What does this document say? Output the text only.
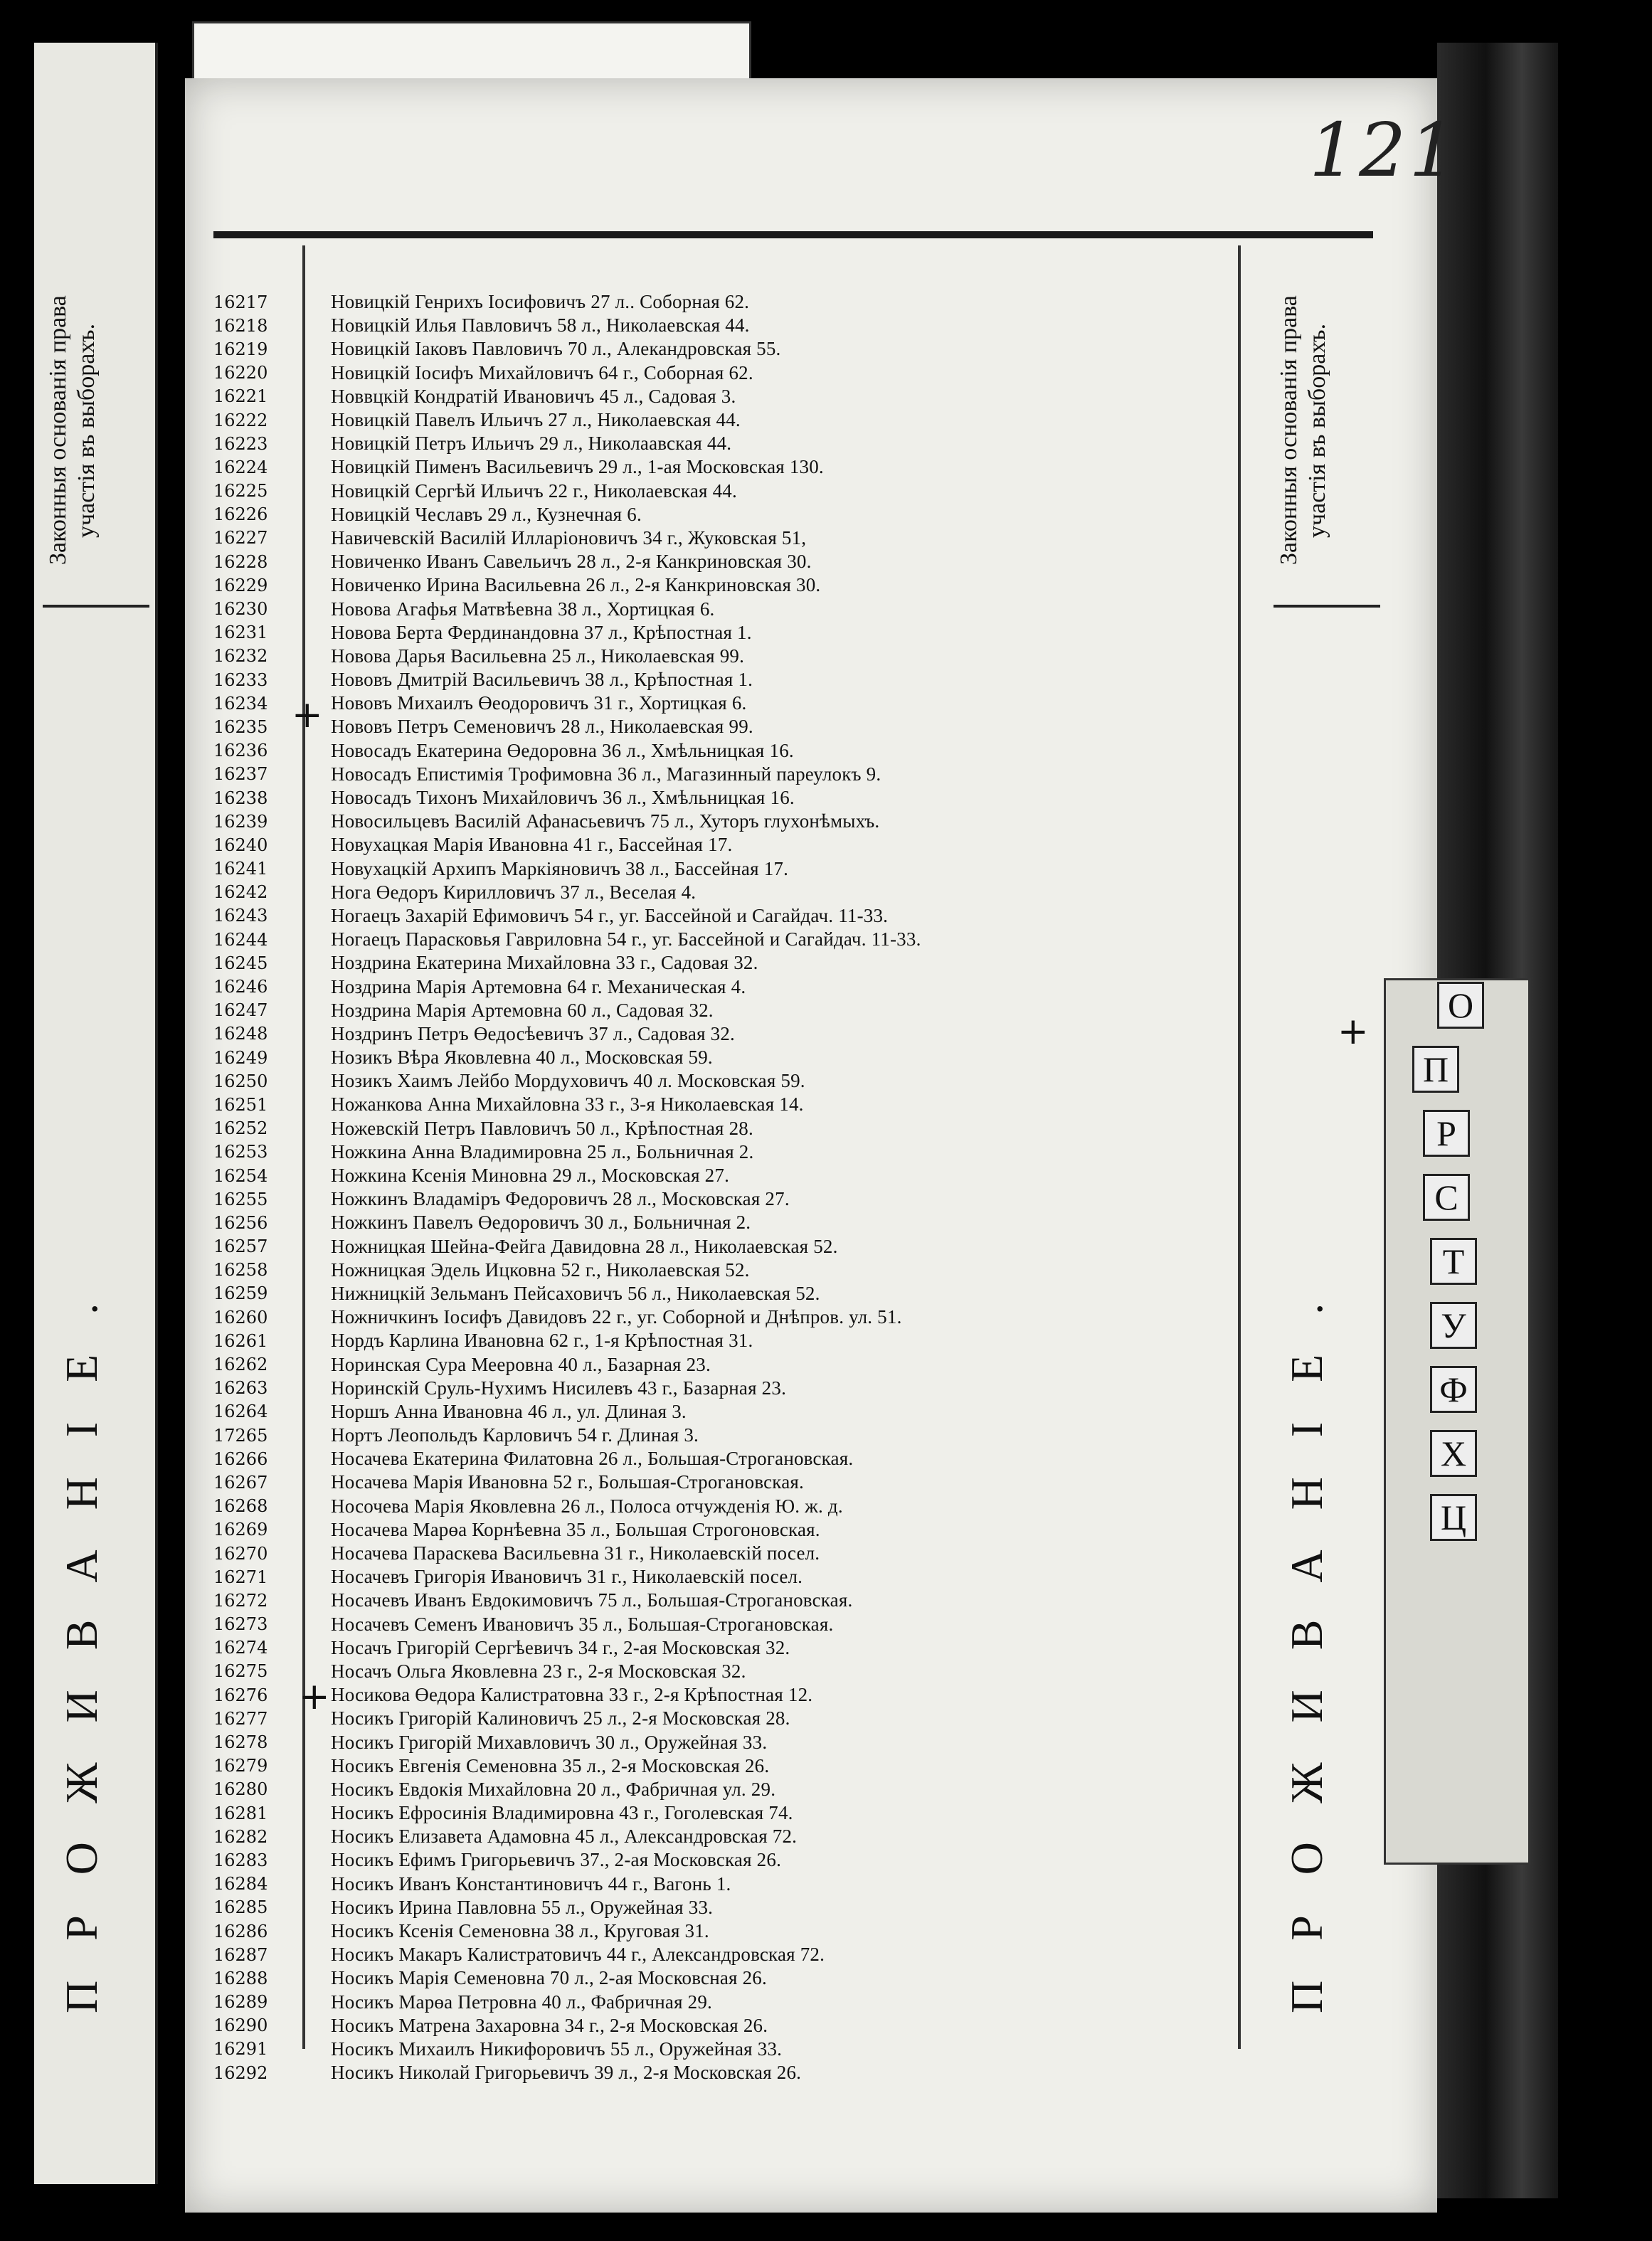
121
Законныя основанія права участія въ выборахъ.	Законныя основанія права участія въ выборахъ.
ПРОЖИВАНІЕ.	ПРОЖИВАНІЕ.
О
П
Р
С
Т
У
Ф
Х
Ц
+
+
+
16217	Новицкій Генрихъ Іосифовичъ 27 л.. Соборная 62.
16218	Новицкій Илья Павловичъ 58 л., Николаевская 44.
16219	Новицкій Іаковъ Павловичъ 70 л., Алекандровская 55.
16220	Новицкій Іосифъ Михайловичъ 64 г., Соборная 62.
16221	Новвцкій Кондратій Ивановичъ 45 л., Садовая 3.
16222	Новицкій Павелъ Ильичъ 27 л., Николаевская 44.
16223	Новицкій Петръ Ильичъ 29 л., Николаавская 44.
16224	Новицкій Пименъ Васильевичъ 29 л., 1-ая Московская 130.
16225	Новицкій Сергѣй Ильичъ 22 г., Николаевская 44.
16226	Новицкій Чеславъ 29 л., Кузнечная 6.
16227	Навичевскій Василій Илларіоновичъ 34 г., Жуковская 51,
16228	Новиченко Иванъ Савельичъ 28 л., 2-я Канкриновская 30.
16229	Новиченко Ирина Васильевна 26 л., 2-я Канкриновская 30.
16230	Нoвова Агафья Матвѣевна 38 л., Хортицкая 6.
16231	Нoвова Берта Фердинандовна 37 л., Крѣпостная 1.
16232	Нoвова Дарья Васильевна 25 л., Николаевская 99.
16233	Нoвовъ Дмитрій Васильевичъ 38 л., Крѣпостная 1.
16234	Нoвовъ Михаилъ Өеодоровичъ 31 г., Хортицкая 6.
16235	Нoвовъ Петръ Семеновичъ 28 л., Николаевская 99.
16236	Новосадъ Екатерина Өедоровна 36 л., Хмѣльницкая 16.
16237	Новосадъ Епистимія Трофимовна 36 л., Магазинный пареулокъ 9.
16238	Новосадъ Тихонъ Михайловичъ 36 л., Хмѣльницкая 16.
16239	Новосильцевъ Василій Афанасьевичъ 75 л., Хуторъ глухонѣмыхъ.
16240	Новухацкая Марія Ивановна 41 г., Бассейная 17.
16241	Новухацкій Архипъ Маркіяновичъ 38 л., Бассейная 17.
16242	Нога Өедоръ Кирилловичъ 37 л., Веселая 4.
16243	Ногаецъ Захарій Ефимовичъ 54 г., уг. Бассейной и Сагайдач. 11-33.
16244	Ногаецъ Парасковья Гавриловна 54 г., уг. Бассейной и Сагайдач. 11-33.
16245	Ноздрина Екатерина Михайловна 33 г., Садовая 32.
16246	Ноздрина Марія Артемовна 64 г. Механическая 4.
16247	Ноздрина Марія Артемовна 60 л., Садовая 32.
16248	Ноздринъ Петръ Өедосѣевичъ 37 л., Садовая 32.
16249	Нозикъ Вѣра Яковлевна 40 л., Московская 59.
16250	Нозикъ Хаимъ Лейбо Мордуховичъ 40 л. Московская 59.
16251	Ножанкова Анна Михайловна 33 г., 3-я Николаевская 14.
16252	Ножевскій Петръ Павловичъ 50 л., Крѣпостная 28.
16253	Ножкина Анна Владимировна 25 л., Больничная 2.
16254	Ножкина Ксенія Миновна 29 л., Московская 27.
16255	Ножкинъ Владаміръ Федоровичъ 28 л., Московская 27.
16256	Ножкинъ Павелъ Өедоровичъ 30 л., Больничная 2.
16257	Ножницкая Шейна-Фейга Давидовна 28 л., Николаевская 52.
16258	Ножницкая Эдель Ицковна 52 г., Николаевская 52.
16259	Нижницкій Зельманъ Пейсаховичъ 56 л., Николаевская 52.
16260	Ножничкинъ Іосифъ Давидовъ 22 г., уг. Соборной и Днѣпров. ул. 51.
16261	Нордъ Карлина Ивановна 62 г., 1-я Крѣпостная 31.
16262	Норинская Сура Меерoвна 40 л., Базарная 23.
16263	Норинскій Сруль-Нухимъ Нисилевъ 43 г., Базарная 23.
16264	Норшъ Анна Ивановна 46 л., ул. Длиная 3.
17265	Нортъ Леопольдъ Карловичъ 54 г. Длиная 3.
16266	Носачева Екатерина Филатовна 26 л., Большая-Строгановская.
16267	Носачева Марія Ивановна 52 г., Большая-Строгановская.
16268	Носочева Марія Яковлевна 26 л., Полоса отчужденія Ю. ж. д.
16269	Носачева Марөа Корнѣевна 35 л., Большая Строгоновская.
16270	Носачева Параскева Васильевна 31 г., Николаевскій посел.
16271	Носачевъ Григорія Ивановичъ 31 г., Николаевскій посел.
16272	Носачевъ Иванъ Евдокимовичъ 75 л., Большая-Строгановская.
16273	Носачевъ Семенъ Ивановичъ 35 л., Большая-Строгановская.
16274	Носачъ Григорій Сергѣевичъ 34 г., 2-ая Московская 32.
16275	Носачъ Ольга Яковлевна 23 г., 2-я Московская 32.
16276	Носикова Өедора Калистратовна 33 г., 2-я Крѣпостная 12.
16277	Носикъ Григорій Калиновичъ 25 л., 2-я Московская 28.
16278	Носикъ Григорій Михавловичъ 30 л., Оружейная 33.
16279	Носикъ Евгенія Семеновна 35 л., 2-я Московская 26.
16280	Носикъ Евдокія Михайловна 20 л., Фабричная ул. 29.
16281	Носикъ Ефросинія Владимировна 43 г., Гоголевская 74.
16282	Носикъ Елизавета Адамовна 45 л., Александровская 72.
16283	Носикъ Ефимъ Григорьевичъ 37., 2-ая Московская 26.
16284	Носикъ Иванъ Константиновичъ 44 г., Вагонь 1.
16285	Носикъ Ирина Павловна 55 л., Оружейная 33.
16286	Носикъ Ксенія Семеновна 38 л., Круговая 31.
16287	Носикъ Макаръ Калистратовичъ 44 г., Александровская 72.
16288	Носикъ Марія Семеновна 70 л., 2-ая Московсная 26.
16289	Носикъ Марөа Петровна 40 л., Фабричная 29.
16290	Носикъ Матрена Захаровна 34 г., 2-я Московская 26.
16291	Носикъ Михаилъ Никифоровичъ 55 л., Оружейная 33.
16292	Носикъ Николай Григорьевичъ 39 л., 2-я Московская 26.
